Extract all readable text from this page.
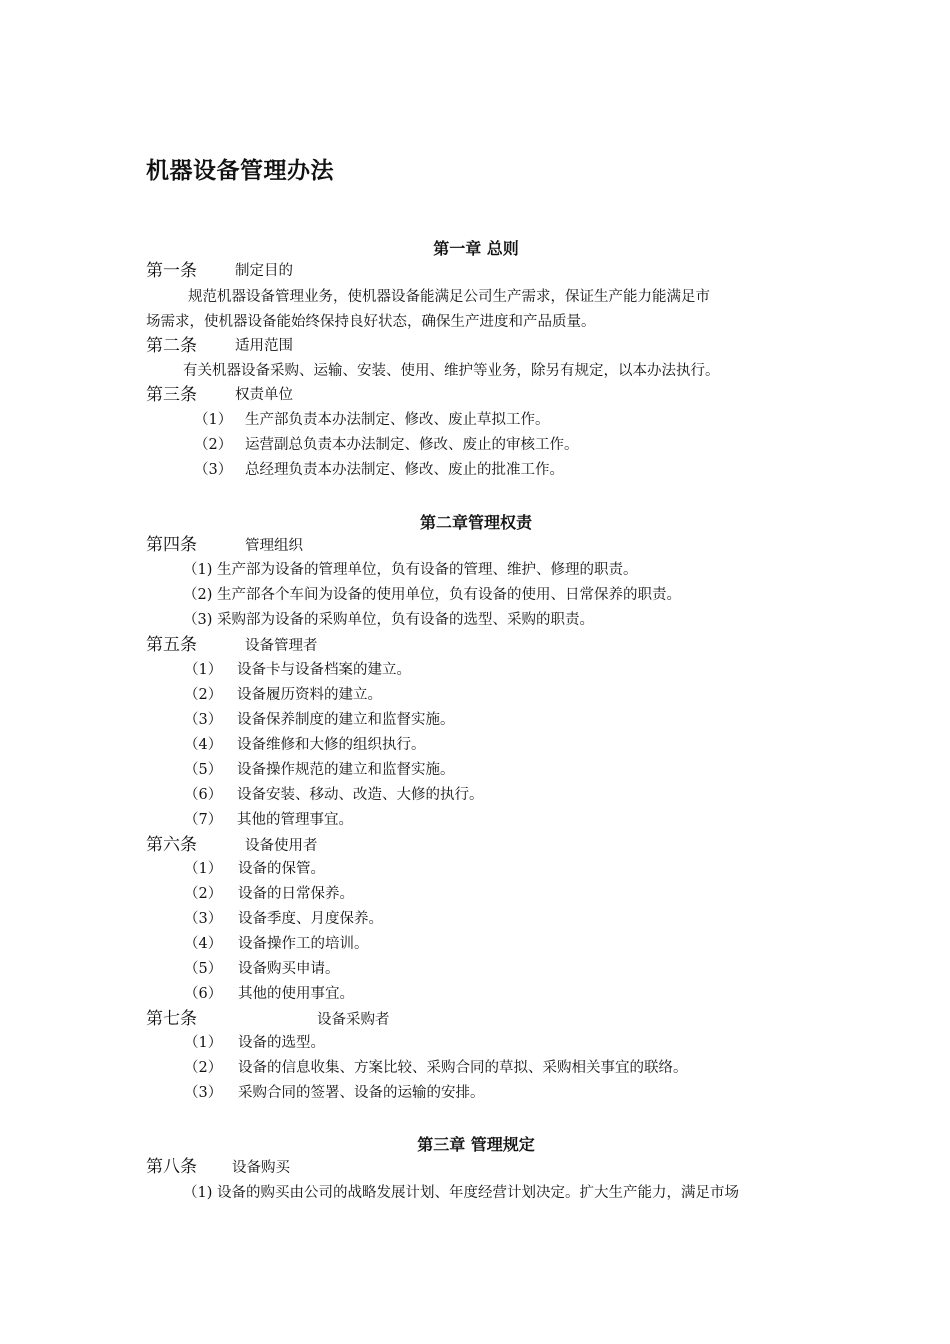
机器设备管理办法
第一章 总则
第一条	制定目的
规范机器设备管理业务，使机器设备能满足公司生产需求，保证生产能力能满足市
场需求，使机器设备能始终保持良好状态，确保生产进度和产品质量。
第二条	适用范围
有关机器设备采购、运输、安装、使用、维护等业务，除另有规定，以本办法执行。
第三条	权责单位
（1） 生产部负责本办法制定、修改、废止草拟工作。
（2） 运营副总负责本办法制定、修改、废止的审核工作。
（3） 总经理负责本办法制定、修改、废止的批准工作。
第二章管理权责
第四条	管理组织
（1) 生产部为设备的管理单位，负有设备的管理、维护、修理的职责。
（2) 生产部各个车间为设备的使用单位，负有设备的使用、日常保养的职责。
（3) 采购部为设备的采购单位，负有设备的选型、采购的职责。
第五条	设备管理者
（1） 设备卡与设备档案的建立。
（2） 设备履历资料的建立。
（3） 设备保养制度的建立和监督实施。
（4） 设备维修和大修的组织执行。
（5） 设备操作规范的建立和监督实施。
（6） 设备安装、移动、改造、大修的执行。
（7） 其他的管理事宜。
第六条	设备使用者
（1） 设备的保管。
（2） 设备的日常保养。
（3） 设备季度、月度保养。
（4） 设备操作工的培训。
（5） 设备购买申请。
（6） 其他的使用事宜。
第七条	设备采购者
（1） 设备的选型。
（2） 设备的信息收集、方案比较、采购合同的草拟、采购相关事宜的联络。
（3） 采购合同的签署、设备的运输的安排。
第三章 管理规定
第八条 设备购买
（1) 设备的购买由公司的战略发展计划、年度经营计划决定。扩大生产能力，满足市场
